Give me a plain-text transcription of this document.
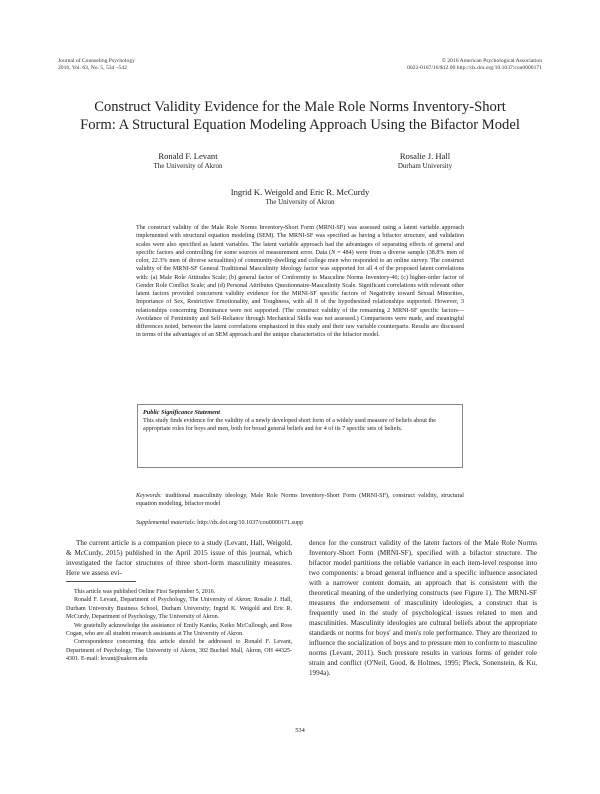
Journal of Counseling Psychology
2016, Vol. 63, No. 5, 534 –542
© 2016 American Psychological Association
0022-0167/16/$12.00 http://dx.doi.org/10.1037/cou0000171
Construct Validity Evidence for the Male Role Norms Inventory-Short
Form: A Structural Equation Modeling Approach Using the Bifactor Model
Ronald F. Levant
The University of Akron
Rosalie J. Hall
Durham University
Ingrid K. Weigold and Eric R. McCurdy
The University of Akron
The construct validity of the Male Role Norms Inventory-Short Form (MRNI-SF) was assessed using a latent variable approach implemented with structural equation modeling (SEM). The MRNI-SF was specified as having a bifactor structure, and validation scales were also specified as latent variables. The latent variable approach had the advantages of separating effects of general and specific factors and controlling for some sources of measurement error. Data (N = 484) were from a diverse sample (38.8% men of color, 22.3% men of diverse sexualities) of community-dwelling and college men who responded to an online survey. The construct validity of the MRNI-SF General Traditional Masculinity Ideology factor was supported for all 4 of the proposed latent correlations with: (a) Male Role Attitudes Scale; (b) general factor of Conformity to Masculine Norms Inventory-46; (c) higher-order factor of Gender Role Conflict Scale; and (d) Personal Attributes Questionnaire-Masculinity Scale. Significant correlations with relevant other latent factors provided concurrent validity evidence for the MRNI-SF specific factors of Negativity toward Sexual Minorities, Importance of Sex, Restrictive Emotionality, and Toughness, with all 8 of the hypothesized relationships supported. However, 3 relationships concerning Dominance were not supported. (The construct validity of the remaining 2 MRNI-SF specific factors—Avoidance of Femininity and Self-Reliance through Mechanical Skills was not assessed.) Comparisons were made, and meaningful differences noted, between the latent correlations emphasized in this study and their raw variable counterparts. Results are discussed in terms of the advantages of an SEM approach and the unique characteristics of the bifactor model.
Public Significance Statement
This study finds evidence for the validity of a newly developed short form of a widely used measure of beliefs about the appropriate roles for boys and men, both for broad general beliefs and for 4 of its 7 specific sets of beliefs.
Keywords: traditional masculinity ideology, Male Role Norms Inventory-Short Form (MRNI-SF), construct validity, structural equation modeling, bifactor model
Supplemental materials: http://dx.doi.org/10.1037/cou0000171.supp
The current article is a companion piece to a study (Levant, Hall, Weigold, & McCurdy, 2015) published in the April 2015 issue of this journal, which investigated the factor structures of three short-form masculinity measures. Here we assess evi-
dence for the construct validity of the latent factors of the Male Role Norms Inventory-Short Form (MRNI-SF), specified with a bifactor structure. The bifactor model partitions the reliable variance in each item-level response into two components: a broad general influence and a specific influence associated with a narrower content domain, an approach that is consistent with the theoretical meaning of the underlying constructs (see Figure 1). The MRNI-SF measures the endorsement of masculinity ideologies, a construct that is frequently used in the study of psychological issues related to men and masculinities. Masculinity ideologies are cultural beliefs about the appropriate standards or norms for boys' and men's role performance. They are theorized to influence the socialization of boys and to pressure men to conform to masculine norms (Levant, 2011). Such pressure results in various forms of gender role strain and conflict (O'Neil, Good, & Holmes, 1995; Pleck, Sonenstein, & Ku, 1994a).

This article was published Online First September 5, 2016.

Ronald F. Levant, Department of Psychology, The University of Akron; Rosalie J. Hall, Durham University Business School, Durham University; Ingrid K. Weigold and Eric R. McCurdy, Department of Psychology, The University of Akron.

We gratefully acknowledge the assistance of Emily Kaniks, Keiko McCullough, and Ross Cogan, who are all student research assistants at The University of Akron.

Correspondence concerning this article should be addressed to Ronald F. Levant, Department of Psychology, The University of Akron, 302 Buchtel Mall, Akron, OH 44325-4301. E-mail: levant@uakron.edu

534
